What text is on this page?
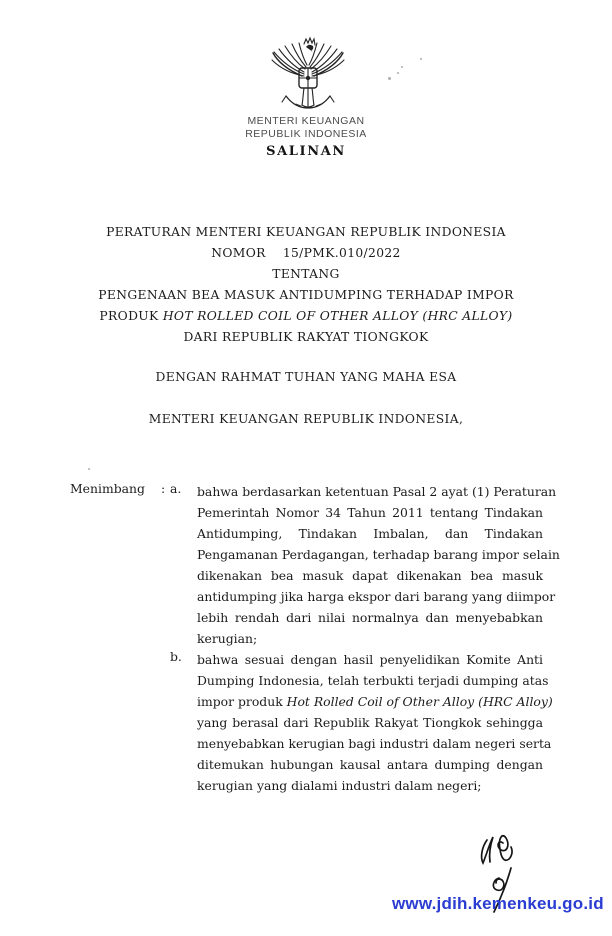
MENTERI KEUANGAN
REPUBLIK INDONESIA
SALINAN
PERATURAN MENTERI KEUANGAN REPUBLIK INDONESIA
NOMOR    15/PMK.010/2022
TENTANG
PENGENAAN BEA MASUK ANTIDUMPING TERHADAP IMPOR
PRODUK HOT ROLLED COIL OF OTHER ALLOY (HRC ALLOY)
DARI REPUBLIK RAKYAT TIONGKOK
DENGAN RAHMAT TUHAN YANG MAHA ESA
MENTERI KEUANGAN REPUBLIK INDONESIA,
Menimbang : a. bahwa berdasarkan ketentuan Pasal 2 ayat (1) Peraturan
Pemerintah Nomor 34 Tahun 2011 tentang Tindakan
Antidumping, Tindakan Imbalan, dan Tindakan
Pengamanan Perdagangan, terhadap barang impor selain
dikenakan bea masuk dapat dikenakan bea masuk
antidumping jika harga ekspor dari barang yang diimpor
lebih rendah dari nilai normalnya dan menyebabkan
kerugian;
b. bahwa sesuai dengan hasil penyelidikan Komite Anti
Dumping Indonesia, telah terbukti terjadi dumping atas
impor produk Hot Rolled Coil of Other Alloy (HRC Alloy)
yang berasal dari Republik Rakyat Tiongkok sehingga
menyebabkan kerugian bagi industri dalam negeri serta
ditemukan hubungan kausal antara dumping dengan
kerugian yang dialami industri dalam negeri;
www.jdih.kemenkeu.go.id
